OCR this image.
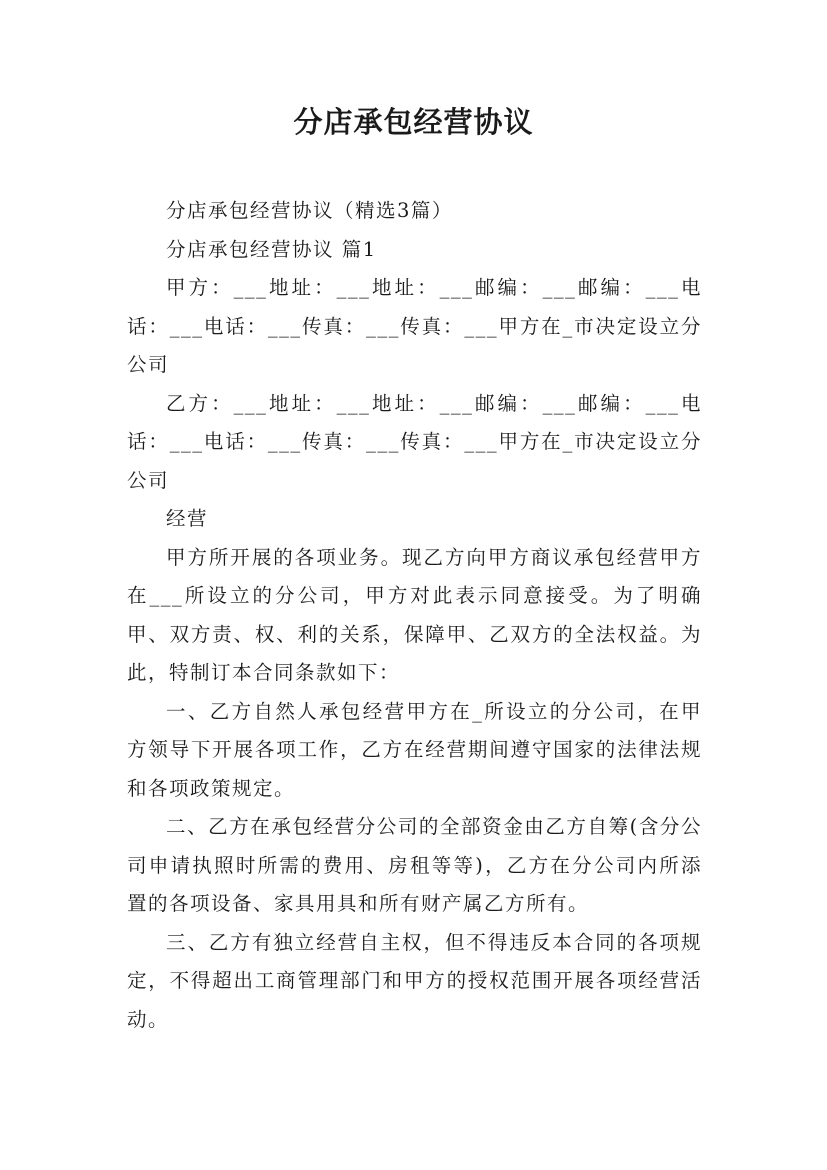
分店承包经营协议

分店承包经营协议（精选3篇）

分店承包经营协议 篇1

甲方：___地址：___地址：___邮编：___邮编：___电话：___电话：___传真：___传真：___甲方在_市决定设立分公司

乙方：___地址：___地址：___邮编：___邮编：___电话：___电话：___传真：___传真：___甲方在_市决定设立分公司

经营

甲方所开展的各项业务。现乙方向甲方商议承包经营甲方在___所设立的分公司，甲方对此表示同意接受。为了明确甲、双方责、权、利的关系，保障甲、乙双方的全法权益。为此，特制订本合同条款如下：

一、乙方自然人承包经营甲方在_所设立的分公司，在甲方领导下开展各项工作，乙方在经营期间遵守国家的法律法规和各项政策规定。

二、乙方在承包经营分公司的全部资金由乙方自筹(含分公司申请执照时所需的费用、房租等等)，乙方在分公司内所添置的各项设备、家具用具和所有财产属乙方所有。

三、乙方有独立经营自主权，但不得违反本合同的各项规定，不得超出工商管理部门和甲方的授权范围开展各项经营活动。
